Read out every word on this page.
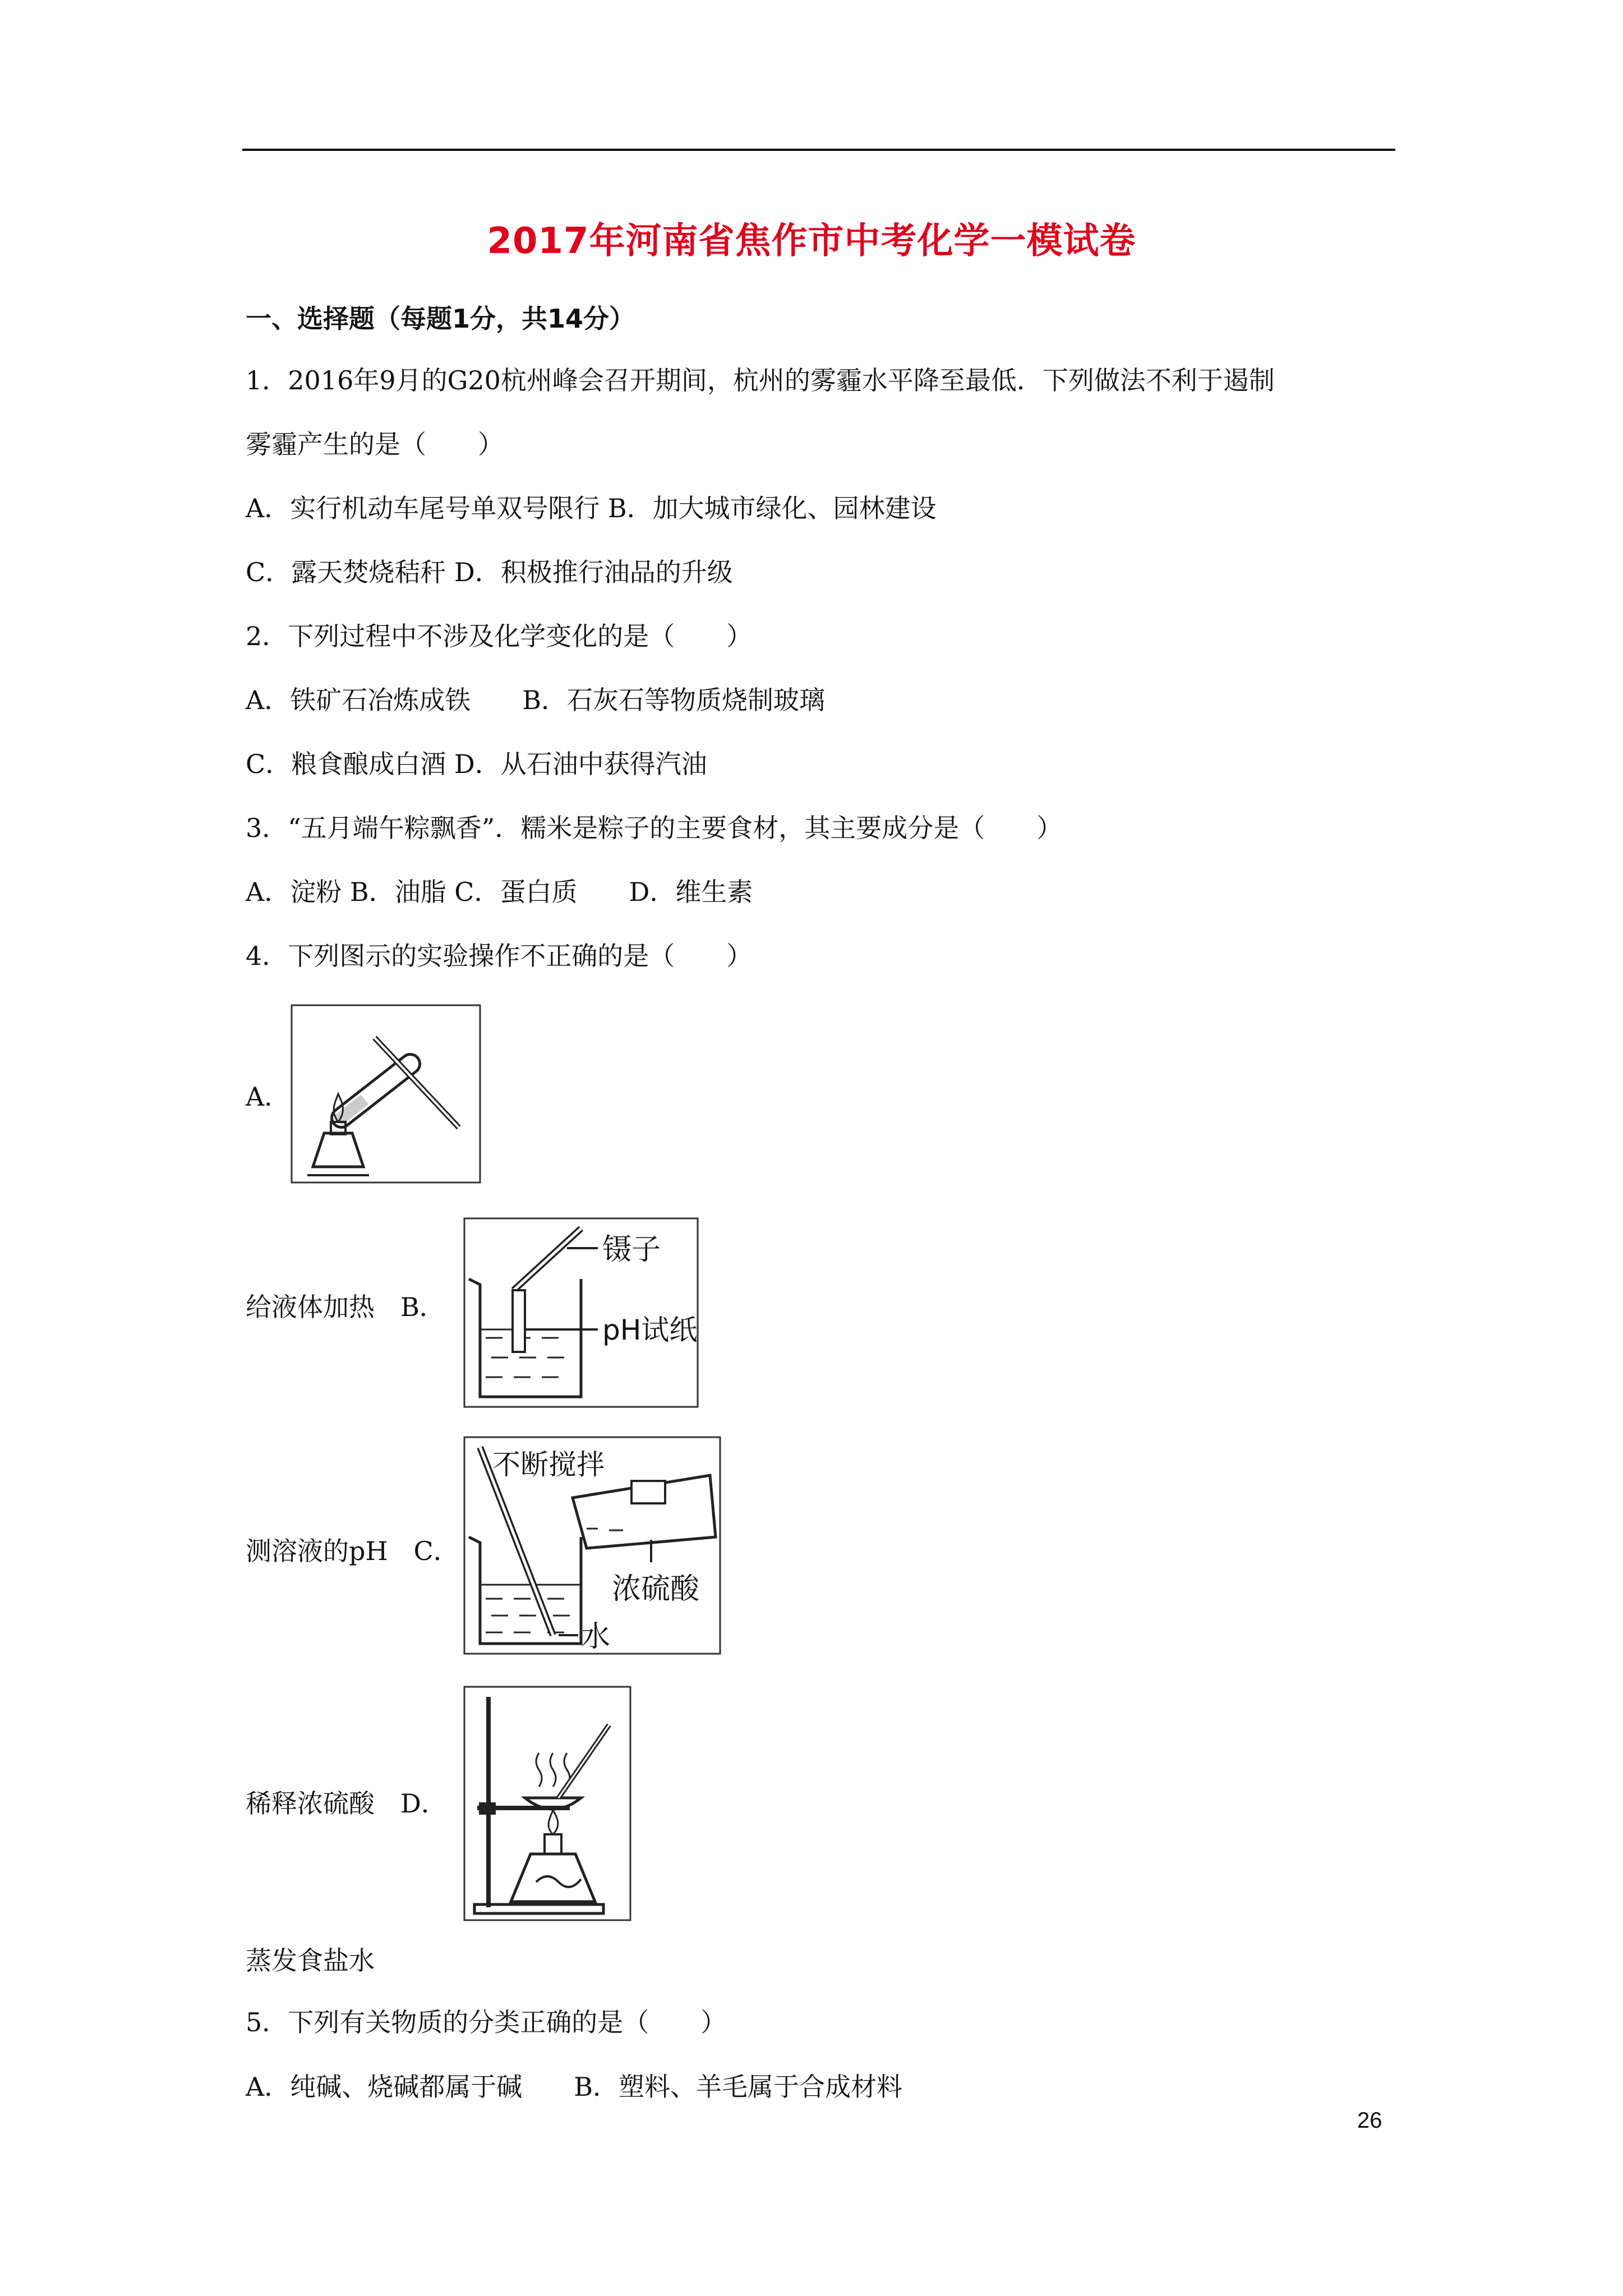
2017年河南省焦作市中考化学一模试卷
一、选择题（每题1分，共14分）
1．2016年9月的G20杭州峰会召开期间，杭州的雾霾水平降至最低．下列做法不利于遏制
雾霾产生的是（　　）
A．实行机动车尾号单双号限行 B．加大城市绿化、园林建设
C．露天焚烧秸秆 D．积极推行油品的升级
2．下列过程中不涉及化学变化的是（　　）
A．铁矿石冶炼成铁　　B．石灰石等物质烧制玻璃
C．粮食酿成白酒 D．从石油中获得汽油
3．“五月端午粽飘香”．糯米是粽子的主要食材，其主要成分是（　　）
A．淀粉 B．油脂 C．蛋白质　　D．维生素
4．下列图示的实验操作不正确的是（　　）
A．
给液体加热　B．
镊子
pH试纸
测溶液的pH　C．
不断搅拌
浓硫酸
水
稀释浓硫酸　D．
蒸发食盐水
5．下列有关物质的分类正确的是（　　）
A．纯碱、烧碱都属于碱　　B．塑料、羊毛属于合成材料
26
